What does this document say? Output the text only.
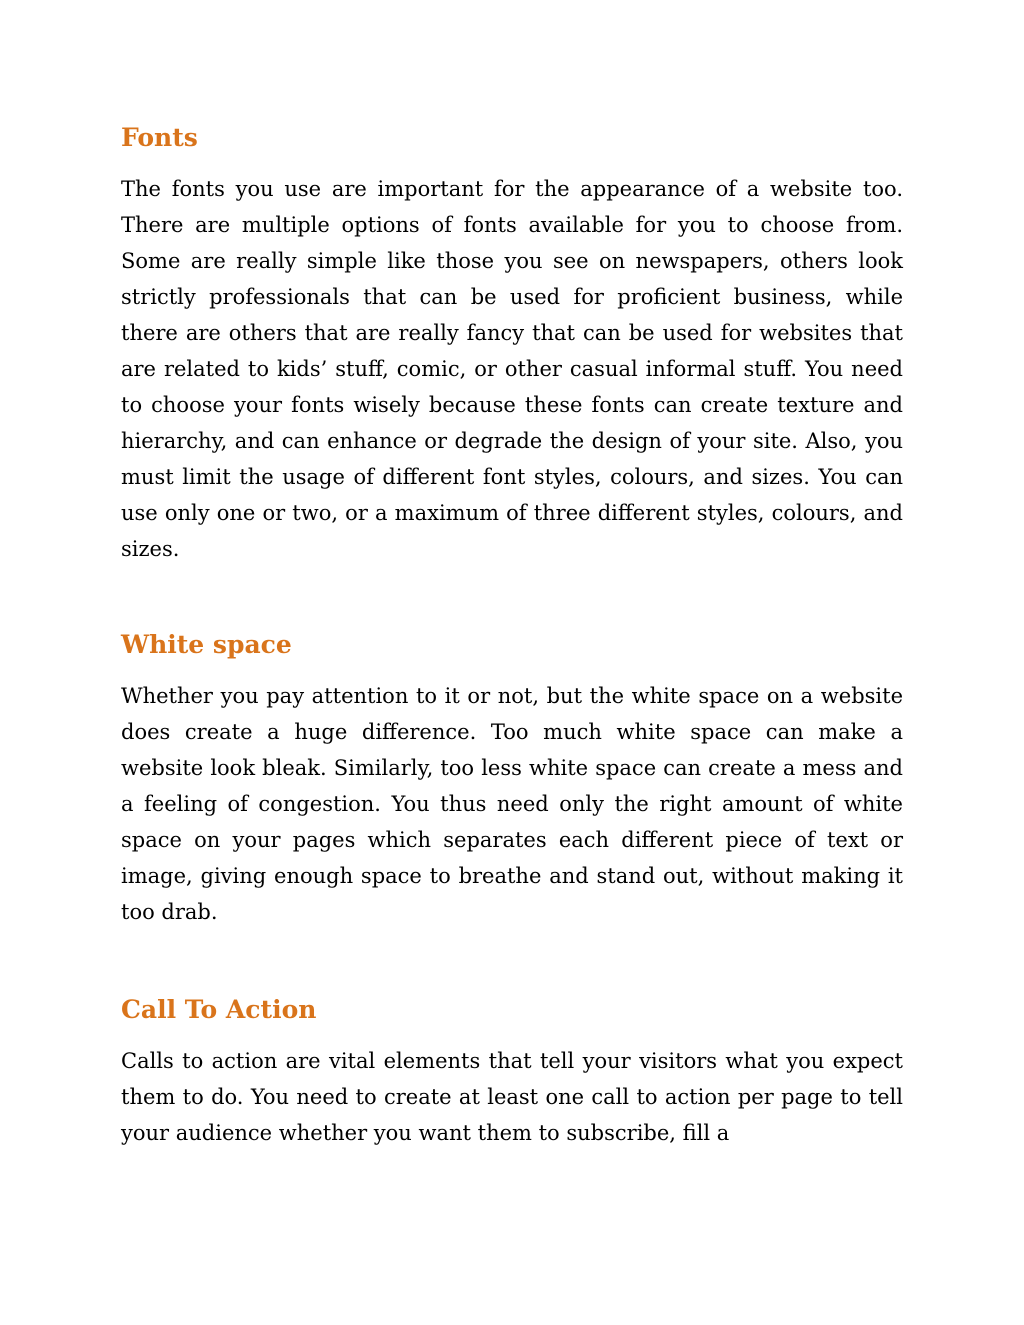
Fonts

The fonts you use are important for the appearance of a website too. There are multiple options of fonts available for you to choose from. Some are really simple like those you see on newspapers, others look strictly professionals that can be used for proficient business, while there are others that are really fancy that can be used for websites that are related to kids’ stuff, comic, or other casual informal stuff. You need to choose your fonts wisely because these fonts can create texture and hierarchy, and can enhance or degrade the design of your site. Also, you must limit the usage of different font styles, colours, and sizes. You can use only one or two, or a maximum of three different styles, colours, and sizes.

White space

Whether you pay attention to it or not, but the white space on a website does create a huge difference. Too much white space can make a website look bleak. Similarly, too less white space can create a mess and a feeling of congestion. You thus need only the right amount of white space on your pages which separates each different piece of text or image, giving enough space to breathe and stand out, without making it too drab.

Call To Action

Calls to action are vital elements that tell your visitors what you expect them to do. You need to create at least one call to action per page to tell your audience whether you want them to subscribe, fill a
